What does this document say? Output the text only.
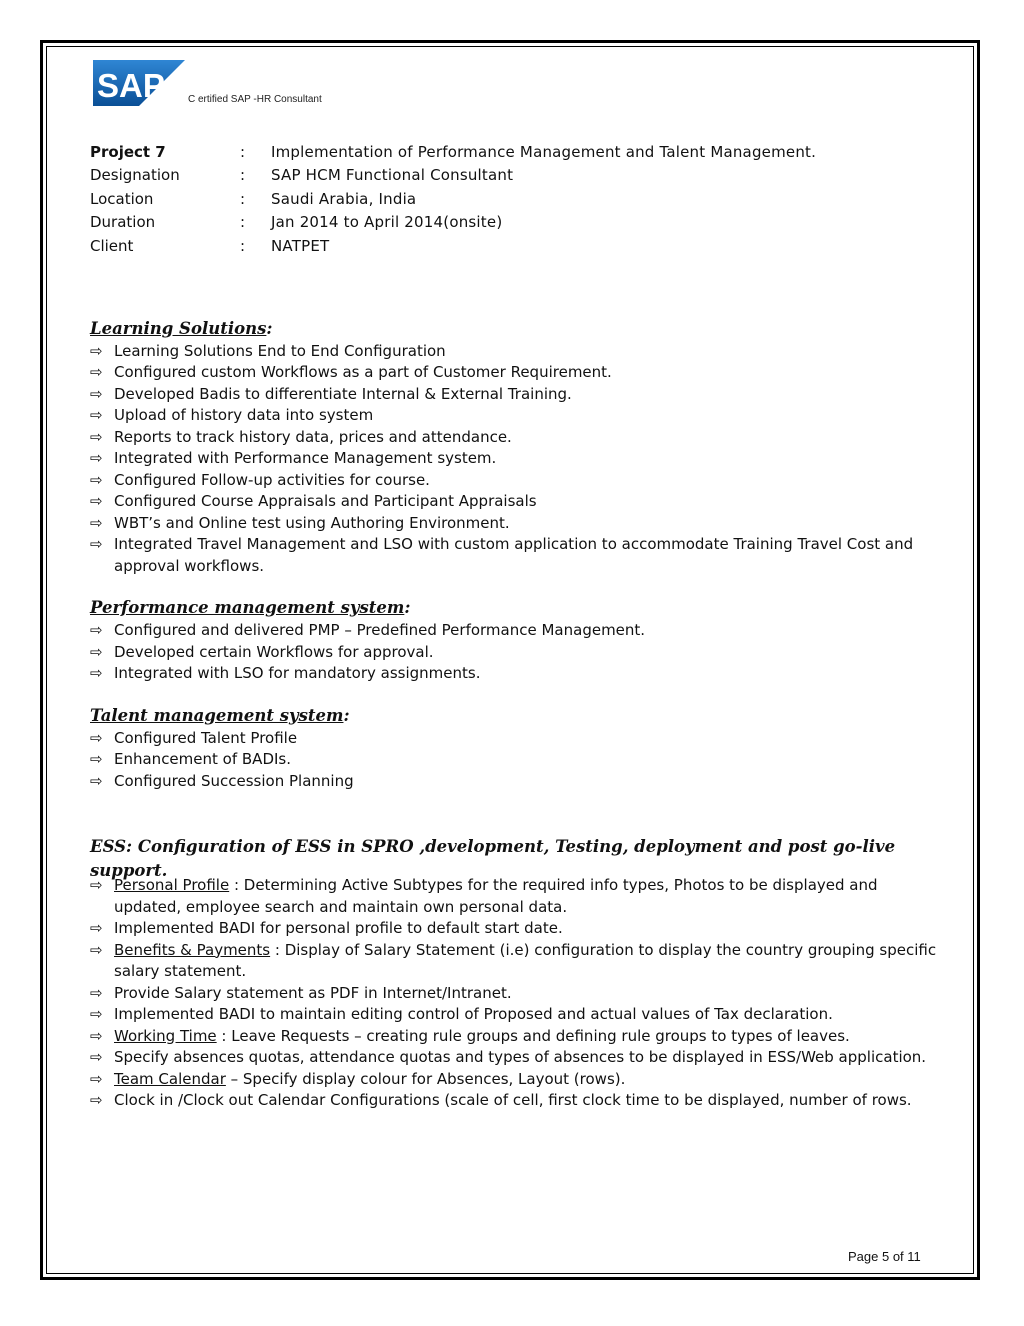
SAP C ertified SAP -HR Consultant
Project 7	:	Implementation of Performance Management and Talent Management.
Designation	:	SAP HCM Functional Consultant
Location	:	Saudi Arabia, India
Duration	:	Jan 2014 to April 2014(onsite)
Client	:	NATPET
Learning Solutions:
⇨ Learning Solutions End to End Configuration
⇨ Configured custom Workflows as a part of Customer Requirement.
⇨ Developed Badis to differentiate Internal & External Training.
⇨ Upload of history data into system
⇨ Reports to track history data, prices and attendance.
⇨ Integrated with Performance Management system.
⇨ Configured Follow-up activities for course.
⇨ Configured Course Appraisals and Participant Appraisals
⇨ WBT’s and Online test using Authoring Environment.
⇨ Integrated Travel Management and LSO with custom application to accommodate Training Travel Cost and approval workflows.
Performance management system:
⇨ Configured and delivered PMP – Predefined Performance Management.
⇨ Developed certain Workflows for approval.
⇨ Integrated with LSO for mandatory assignments.
Talent management system:
⇨ Configured Talent Profile
⇨ Enhancement of BADIs.
⇨ Configured Succession Planning
ESS: Configuration of ESS in SPRO ,development, Testing, deployment and post go-live support.
⇨ Personal Profile : Determining Active Subtypes for the required info types, Photos to be displayed and updated, employee search and maintain own personal data.
⇨ Implemented BADI for personal profile to default start date.
⇨ Benefits & Payments : Display of Salary Statement (i.e) configuration to display the country grouping specific salary statement.
⇨ Provide Salary statement as PDF in Internet/Intranet.
⇨ Implemented BADI to maintain editing control of Proposed and actual values of Tax declaration.
⇨ Working Time : Leave Requests – creating rule groups and defining rule groups to types of leaves.
⇨ Specify absences quotas, attendance quotas and types of absences to be displayed in ESS/Web application.
⇨ Team Calendar – Specify display colour for Absences, Layout (rows).
⇨ Clock in /Clock out Calendar Configurations (scale of cell, first clock time to be displayed, number of rows.
Page 5 of 11
